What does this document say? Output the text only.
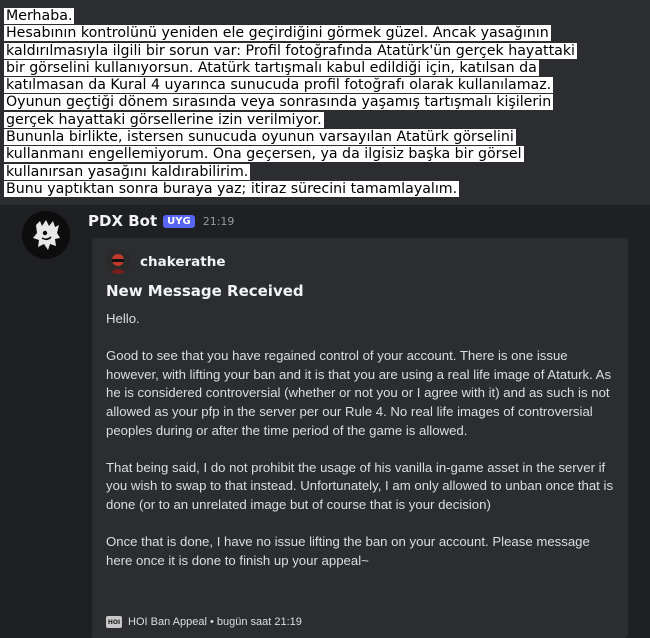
Merhaba.
Hesabının kontrolünü yeniden ele geçirdiğini görmek güzel. Ancak yasağının
kaldırılmasıyla ilgili bir sorun var: Profil fotoğrafında Atatürk'ün gerçek hayattaki
bir görselini kullanıyorsun. Atatürk tartışmalı kabul edildiği için, katılsan da
katılmasan da Kural 4 uyarınca sunucuda profil fotoğrafı olarak kullanılamaz.
Oyunun geçtiği dönem sırasında veya sonrasında yaşamış tartışmalı kişilerin
gerçek hayattaki görsellerine izin verilmiyor.
Bununla birlikte, istersen sunucuda oyunun varsayılan Atatürk görselini
kullanmanı engellemiyorum. Ona geçersen, ya da ilgisiz başka bir görsel
kullanırsan yasağını kaldırabilirim.
Bunu yaptıktan sonra buraya yaz; itiraz sürecini tamamlayalım.
PDX Bot	UYG	21:19
chakerathe
New Message Received
Hello.

Good to see that you have regained control of your account. There is one issue however, with lifting your ban and it is that you are using a real life image of Ataturk. As he is considered controversial (whether or not you or I agree with it) and as such is not allowed as your pfp in the server per our Rule 4. No real life images of controversial peoples during or after the time period of the game is allowed.

That being said, I do not prohibit the usage of his vanilla in-game asset in the server if you wish to swap to that instead. Unfortunately, I am only allowed to unban once that is done (or to an unrelated image but of course that is your decision)

Once that is done, I have no issue lifting the ban on your account. Please message here once it is done to finish up your appeal~
HOI HOI Ban Appeal • bugün saat 21:19
